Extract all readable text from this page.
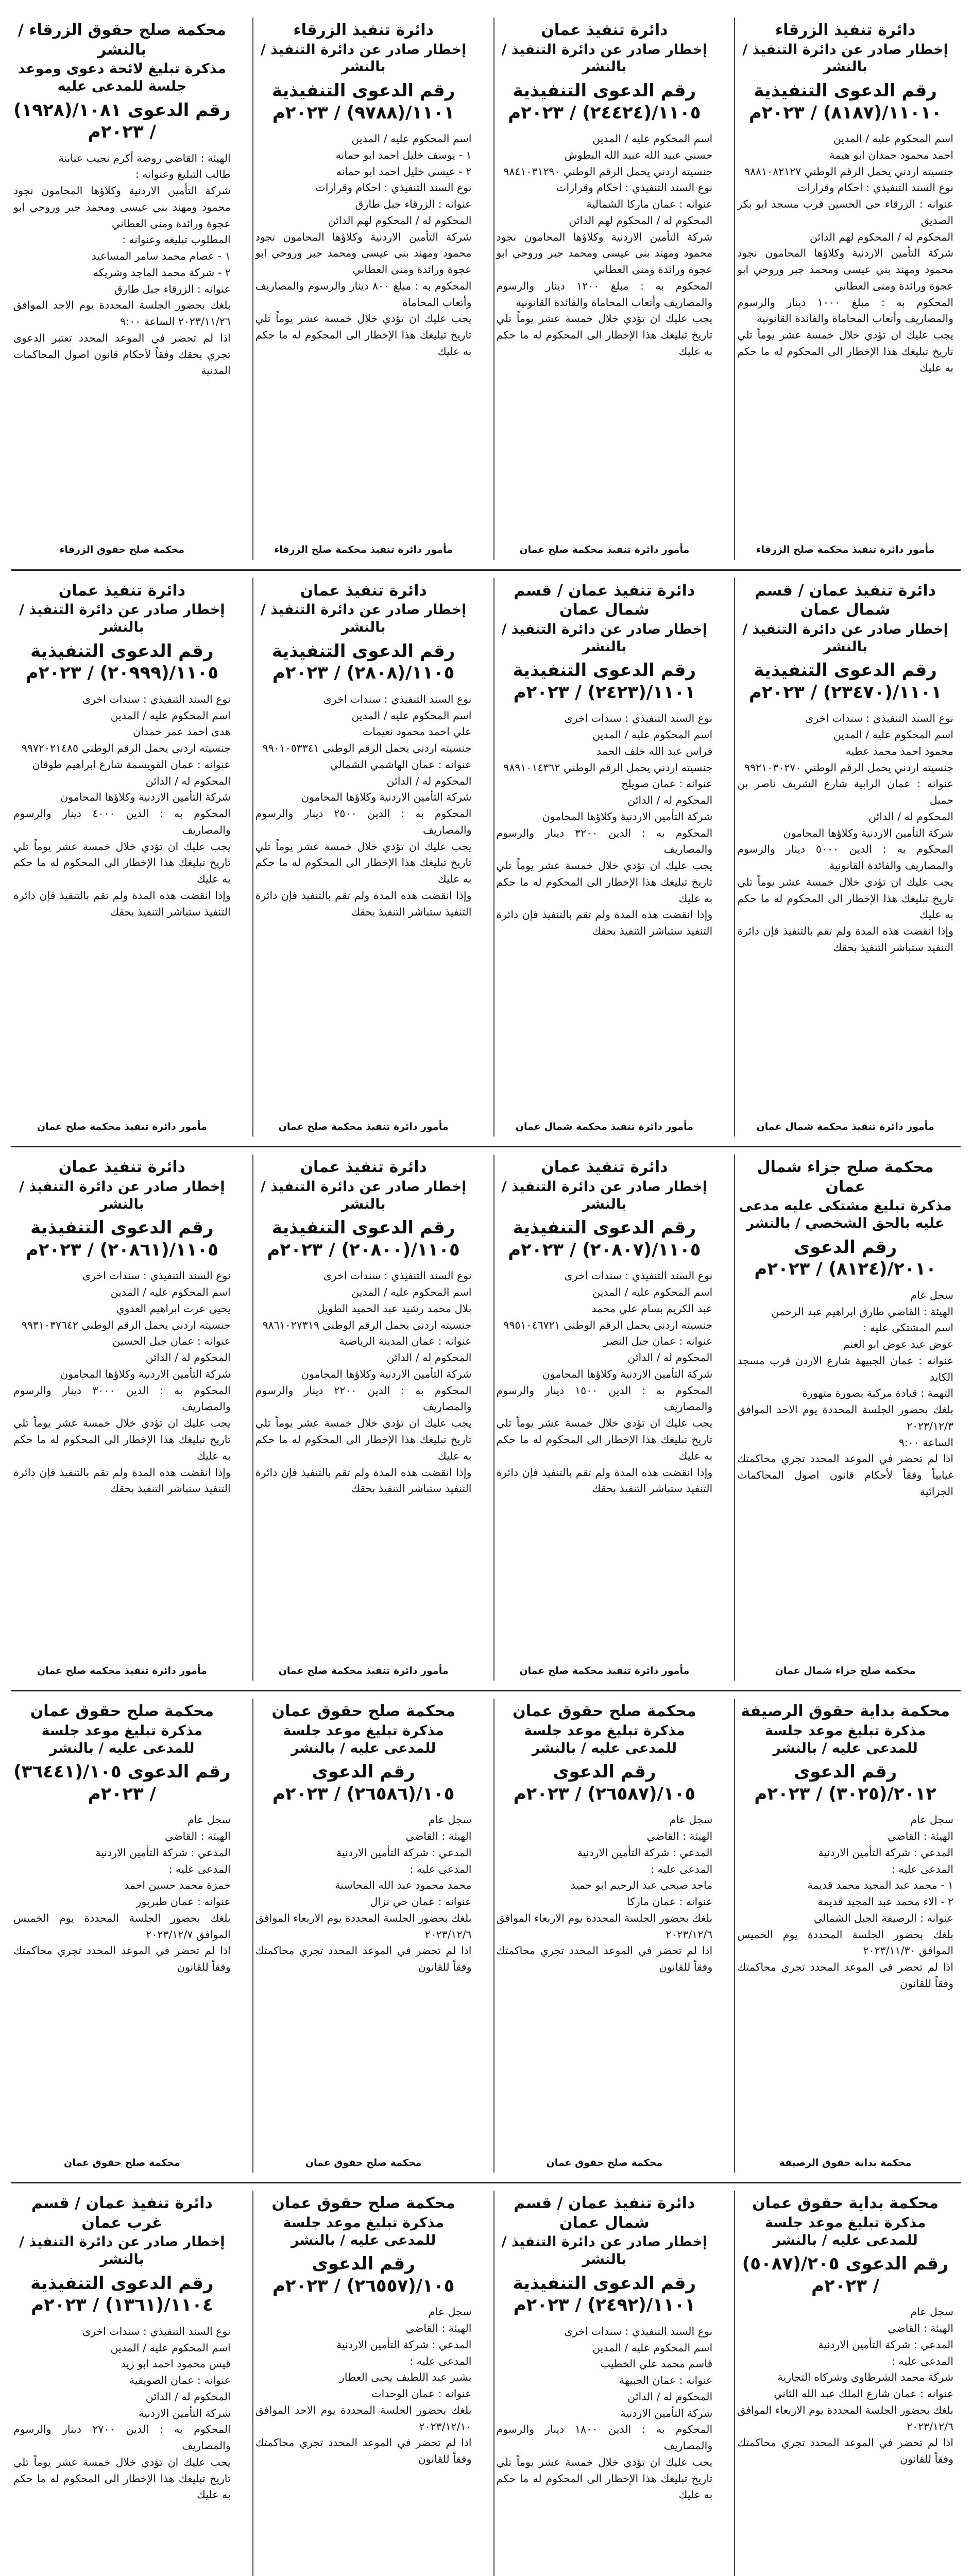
دائرة تنفيذ الزرقاء
إخطار صادر عن دائرة التنفيذ / بالنشر
رقم الدعوى التنفيذية ١١٠١٠/(٨١٨٧) / ٢٠٢٣م
اسم المحكوم عليه / المدين
احمد محمود حمدان ابو هيمة
جنسيته اردني يحمل الرقم الوطني ٩٨٨١٠٨٢١٢٧
نوع السند التنفيذي : احكام وقرارات
عنوانه : الزرقاء حي الحسين قرب مسجد ابو بكر الصديق
المحكوم له / المحكوم لهم الدائن
شركة التأمين الاردنية وكلاؤها المحامون نجود محمود ومهند بني عيسى ومحمد جبر وروحي ابو عجوة ورائدة ومنى العطاني
المحكوم به : مبلغ ١٠٠٠ دينار والرسوم والمصاريف وأتعاب المحاماة والفائدة القانونية
يجب عليك ان تؤدي خلال خمسة عشر يوماً تلي تاريخ تبليغك هذا الإخطار الى المحكوم له ما حكم به عليك
مأمور دائرة تنفيذ محكمة صلح الزرقاء
دائرة تنفيذ عمان
إخطار صادر عن دائرة التنفيذ / بالنشر
رقم الدعوى التنفيذية ١١٠٥/(٢٤٤٢٤) / ٢٠٢٣م
اسم المحكوم عليه / المدين
حسني عبيد الله عبيد الله البطوش
جنسيته اردني يحمل الرقم الوطني ٩٨٤١٠٣١٢٩٠
نوع السند التنفيذي : احكام وقرارات
عنوانه : عمان ماركا الشمالية
المحكوم له / المحكوم لهم الدائن
شركة التأمين الاردنية وكلاؤها المحامون نجود محمود ومهند بني عيسى ومحمد جبر وروحي ابو عجوة ورائدة ومنى العطاني
المحكوم به : مبلغ ١٢٠٠ دينار والرسوم والمصاريف وأتعاب المحاماة والفائدة القانونية
يجب عليك ان تؤدي خلال خمسة عشر يوماً تلي تاريخ تبليغك هذا الإخطار الى المحكوم له ما حكم به عليك
مأمور دائرة تنفيذ محكمة صلح عمان
دائرة تنفيذ الزرقاء
إخطار صادر عن دائرة التنفيذ / بالنشر
رقم الدعوى التنفيذية ١١٠١/(٩٧٨٨) / ٢٠٢٣م
اسم المحكوم عليه / المدين
١ - يوسف خليل احمد ابو حمانه
٢ - عيسى خليل احمد ابو حمانه
نوع السند التنفيذي : احكام وقرارات
عنوانه : الزرقاء جبل طارق
المحكوم له / المحكوم لهم الدائن
شركة التأمين الاردنية وكلاؤها المحامون نجود محمود ومهند بني عيسى ومحمد جبر وروحي ابو عجوة ورائدة ومنى العطاني
المحكوم به : مبلغ ٨٠٠ دينار والرسوم والمصاريف وأتعاب المحاماة
يجب عليك ان تؤدي خلال خمسة عشر يوماً تلي تاريخ تبليغك هذا الإخطار الى المحكوم له ما حكم به عليك
مأمور دائرة تنفيذ محكمة صلح الزرقاء
محكمة صلح حقوق الزرقاء / بالنشر
مذكرة تبليغ لائحة دعوى وموعد جلسة للمدعى عليه
رقم الدعوى ١٠٨١/(١٩٢٨) / ٢٠٢٣م
الهيئة : القاضي روضة أكرم نجيب عبابنة
طالب التبليغ وعنوانه :
شركة التأمين الاردنية وكلاؤها المحامون نجود محمود ومهند بني عيسى ومحمد جبر وروحي ابو عجوة ورائدة ومنى العطاني
المطلوب تبليغه وعنوانه :
١ - عصام محمد سامر المساعيد
٢ - شركة محمد الماجد وشريكه
عنوانه : الزرقاء جبل طارق
بلغك بحضور الجلسة المحددة يوم الاحد الموافق ٢٠٢٣/١١/٢٦ الساعة ٩:٠٠
اذا لم تحضر في الموعد المحدد تعتبر الدعوى تجري بحقك وفقاً لأحكام قانون اصول المحاكمات المدنية
محكمة صلح حقوق الزرقاء
دائرة تنفيذ عمان / قسم شمال عمان
إخطار صادر عن دائرة التنفيذ / بالنشر
رقم الدعوى التنفيذية ١١٠١/(٢٣٤٧٠) / ٢٠٢٣م
نوع السند التنفيذي : سندات اخرى
اسم المحكوم عليه / المدين
محمود احمد محمد عطيه
جنسيته اردني يحمل الرقم الوطني ٩٩٢١٠٣٠٢٧٠
عنوانه : عمان الرابية شارع الشريف ناصر بن جميل
المحكوم له / الدائن
شركة التأمين الاردنية وكلاؤها المحامون
المحكوم به : الدين ٥٠٠٠ دينار والرسوم والمصاريف والفائدة القانونية
يجب عليك ان تؤدي خلال خمسة عشر يوماً تلي تاريخ تبليغك هذا الإخطار الى المحكوم له ما حكم به عليك
وإذا انقضت هذه المدة ولم تقم بالتنفيذ فإن دائرة التنفيذ ستباشر التنفيذ بحقك
مأمور دائرة تنفيذ محكمة شمال عمان
دائرة تنفيذ عمان / قسم شمال عمان
إخطار صادر عن دائرة التنفيذ / بالنشر
رقم الدعوى التنفيذية ١١٠١/(٢٤٢٣) / ٢٠٢٣م
نوع السند التنفيذي : سندات اخرى
اسم المحكوم عليه / المدين
فراس عبد الله خلف الحمد
جنسيته اردني يحمل الرقم الوطني ٩٨٩١٠١٤٣٦٢
عنوانه : عمان صويلح
المحكوم له / الدائن
شركة التأمين الاردنية وكلاؤها المحامون
المحكوم به : الدين ٣٢٠٠ دينار والرسوم والمصاريف
يجب عليك ان تؤدي خلال خمسة عشر يوماً تلي تاريخ تبليغك هذا الإخطار الى المحكوم له ما حكم به عليك
وإذا انقضت هذه المدة ولم تقم بالتنفيذ فإن دائرة التنفيذ ستباشر التنفيذ بحقك
مأمور دائرة تنفيذ محكمة شمال عمان
دائرة تنفيذ عمان
إخطار صادر عن دائرة التنفيذ / بالنشر
رقم الدعوى التنفيذية ١١٠٥/(٢٨٠٨) / ٢٠٢٣م
نوع السند التنفيذي : سندات اخرى
اسم المحكوم عليه / المدين
علي احمد محمود نعيمات
جنسيته اردني يحمل الرقم الوطني ٩٩٠١٠٥٣٣٤١
عنوانه : عمان الهاشمي الشمالي
المحكوم له / الدائن
شركة التأمين الاردنية وكلاؤها المحامون
المحكوم به : الدين ٢٥٠٠ دينار والرسوم والمصاريف
يجب عليك ان تؤدي خلال خمسة عشر يوماً تلي تاريخ تبليغك هذا الإخطار الى المحكوم له ما حكم به عليك
وإذا انقضت هذه المدة ولم تقم بالتنفيذ فإن دائرة التنفيذ ستباشر التنفيذ بحقك
مأمور دائرة تنفيذ محكمة صلح عمان
دائرة تنفيذ عمان
إخطار صادر عن دائرة التنفيذ / بالنشر
رقم الدعوى التنفيذية ١١٠٥/(٢٠٩٩٩) / ٢٠٢٣م
نوع السند التنفيذي : سندات اخرى
اسم المحكوم عليه / المدين
هدى احمد عمر حمدان
جنسيته اردني يحمل الرقم الوطني ٩٩٧٢٠٢١٤٨٥
عنوانه : عمان القويسمة شارع ابراهيم طوقان
المحكوم له / الدائن
شركة التأمين الاردنية وكلاؤها المحامون
المحكوم به : الدين ٤٠٠٠ دينار والرسوم والمصاريف
يجب عليك ان تؤدي خلال خمسة عشر يوماً تلي تاريخ تبليغك هذا الإخطار الى المحكوم له ما حكم به عليك
وإذا انقضت هذه المدة ولم تقم بالتنفيذ فإن دائرة التنفيذ ستباشر التنفيذ بحقك
مأمور دائرة تنفيذ محكمة صلح عمان
محكمة صلح جزاء شمال عمان
مذكرة تبليغ مشتكى عليه مدعى عليه بالحق الشخصي / بالنشر
رقم الدعوى ٢٠١٠/(٨١٢٤) / ٢٠٢٣م
سجل عام
الهيئة : القاضي طارق ابراهيم عبد الرحمن
اسم المشتكى عليه :
عوض عيد عوض ابو الغنم
عنوانه : عمان الجبيهة شارع الاردن قرب مسجد الكايد
التهمة : قيادة مركبة بصورة متهورة
بلغك بحضور الجلسة المحددة يوم الاحد الموافق ٢٠٢٣/١٢/٣
الساعة ٩:٠٠
اذا لم تحضر في الموعد المحدد تجري محاكمتك غيابياً وفقاً لأحكام قانون اصول المحاكمات الجزائية
محكمة صلح جزاء شمال عمان
دائرة تنفيذ عمان
إخطار صادر عن دائرة التنفيذ / بالنشر
رقم الدعوى التنفيذية ١١٠٥/(٢٠٨٠٧) / ٢٠٢٣م
نوع السند التنفيذي : سندات اخرى
اسم المحكوم عليه / المدين
عبد الكريم بسام علي محمد
جنسيته اردني يحمل الرقم الوطني ٩٩٥١٠٤٦٧٢١
عنوانه : عمان جبل النصر
المحكوم له / الدائن
شركة التأمين الاردنية وكلاؤها المحامون
المحكوم به : الدين ١٥٠٠ دينار والرسوم والمصاريف
يجب عليك ان تؤدي خلال خمسة عشر يوماً تلي تاريخ تبليغك هذا الإخطار الى المحكوم له ما حكم به عليك
وإذا انقضت هذه المدة ولم تقم بالتنفيذ فإن دائرة التنفيذ ستباشر التنفيذ بحقك
مأمور دائرة تنفيذ محكمة صلح عمان
دائرة تنفيذ عمان
إخطار صادر عن دائرة التنفيذ / بالنشر
رقم الدعوى التنفيذية ١١٠٥/(٢٠٨٠٠) / ٢٠٢٣م
نوع السند التنفيذي : سندات اخرى
اسم المحكوم عليه / المدين
بلال محمد رشيد عبد الحميد الطويل
جنسيته اردني يحمل الرقم الوطني ٩٨٦١٠٢٧٣١٩
عنوانه : عمان المدينة الرياضية
المحكوم له / الدائن
شركة التأمين الاردنية وكلاؤها المحامون
المحكوم به : الدين ٢٢٠٠ دينار والرسوم والمصاريف
يجب عليك ان تؤدي خلال خمسة عشر يوماً تلي تاريخ تبليغك هذا الإخطار الى المحكوم له ما حكم به عليك
وإذا انقضت هذه المدة ولم تقم بالتنفيذ فإن دائرة التنفيذ ستباشر التنفيذ بحقك
مأمور دائرة تنفيذ محكمة صلح عمان
دائرة تنفيذ عمان
إخطار صادر عن دائرة التنفيذ / بالنشر
رقم الدعوى التنفيذية ١١٠٥/(٢٠٨٦١) / ٢٠٢٣م
نوع السند التنفيذي : سندات اخرى
اسم المحكوم عليه / المدين
يحيى عزت ابراهيم العدوي
جنسيته اردني يحمل الرقم الوطني ٩٩٣١٠٣٧٦٤٢
عنوانه : عمان جبل الحسين
المحكوم له / الدائن
شركة التأمين الاردنية وكلاؤها المحامون
المحكوم به : الدين ٣٠٠٠ دينار والرسوم والمصاريف
يجب عليك ان تؤدي خلال خمسة عشر يوماً تلي تاريخ تبليغك هذا الإخطار الى المحكوم له ما حكم به عليك
وإذا انقضت هذه المدة ولم تقم بالتنفيذ فإن دائرة التنفيذ ستباشر التنفيذ بحقك
مأمور دائرة تنفيذ محكمة صلح عمان
محكمة بداية حقوق الرصيفة
مذكرة تبليغ موعد جلسة للمدعى عليه / بالنشر
رقم الدعوى ٢٠١٢/(٣٠٢٥) / ٢٠٢٣م
سجل عام
الهيئة : القاضي
المدعي : شركة التأمين الاردنية
المدعى عليه :
١ - محمد عبد المجيد محمد قديمة
٢ - الاء محمد عبد المجيد قديمة
عنوانه : الرصيفة الجبل الشمالي
بلغك بحضور الجلسة المحددة يوم الخميس الموافق ٢٠٢٣/١١/٣٠
اذا لم تحضر في الموعد المحدد تجري محاكمتك وفقاً للقانون
محكمة بداية حقوق الرصيفة
محكمة صلح حقوق عمان
مذكرة تبليغ موعد جلسة للمدعى عليه / بالنشر
رقم الدعوى ١٠٥/(٢٦٥٨٧) / ٢٠٢٣م
سجل عام
الهيئة : القاضي
المدعي : شركة التأمين الاردنية
المدعى عليه :
ماجد صبحي عبد الرحيم ابو حميد
عنوانه : عمان ماركا
بلغك بحضور الجلسة المحددة يوم الاربعاء الموافق ٢٠٢٣/١٢/٦
اذا لم تحضر في الموعد المحدد تجري محاكمتك وفقاً للقانون
محكمة صلح حقوق عمان
محكمة صلح حقوق عمان
مذكرة تبليغ موعد جلسة للمدعى عليه / بالنشر
رقم الدعوى ١٠٥/(٢٦٥٨٦) / ٢٠٢٣م
سجل عام
الهيئة : القاضي
المدعي : شركة التأمين الاردنية
المدعى عليه :
محمد محمود عبد الله المحاسنة
عنوانه : عمان حي نزال
بلغك بحضور الجلسة المحددة يوم الاربعاء الموافق ٢٠٢٣/١٢/٦
اذا لم تحضر في الموعد المحدد تجري محاكمتك وفقاً للقانون
محكمة صلح حقوق عمان
محكمة صلح حقوق عمان
مذكرة تبليغ موعد جلسة للمدعى عليه / بالنشر
رقم الدعوى ١٠٥/(٣٦٤٤١) / ٢٠٢٣م
سجل عام
الهيئة : القاضي
المدعي : شركة التأمين الاردنية
المدعى عليه :
حمزة محمد حسين احمد
عنوانه : عمان طبربور
بلغك بحضور الجلسة المحددة يوم الخميس الموافق ٢٠٢٣/١٢/٧
اذا لم تحضر في الموعد المحدد تجري محاكمتك وفقاً للقانون
محكمة صلح حقوق عمان
محكمة بداية حقوق عمان
مذكرة تبليغ موعد جلسة للمدعى عليه / بالنشر
رقم الدعوى ٢٠٥/(٥٠٨٧) / ٢٠٢٣م
سجل عام
الهيئة : القاضي
المدعي : شركة التأمين الاردنية
المدعى عليه :
شركة محمد الشرطاوي وشركاه التجارية
عنوانه : عمان شارع الملك عبد الله الثاني
بلغك بحضور الجلسة المحددة يوم الاربعاء الموافق ٢٠٢٣/١٢/٦
اذا لم تحضر في الموعد المحدد تجري محاكمتك وفقاً للقانون
دائرة تنفيذ عمان / قسم شمال عمان
إخطار صادر عن دائرة التنفيذ / بالنشر
رقم الدعوى التنفيذية ١١٠١/(٢٤٩٢) / ٢٠٢٣م
نوع السند التنفيذي : سندات اخرى
اسم المحكوم عليه / المدين
قاسم محمد علي الخطيب
عنوانه : عمان الجبيهة
المحكوم له / الدائن
شركة التأمين الاردنية
المحكوم به : الدين ١٨٠٠ دينار والرسوم والمصاريف
يجب عليك ان تؤدي خلال خمسة عشر يوماً تلي تاريخ تبليغك هذا الإخطار الى المحكوم له ما حكم به عليك
محكمة صلح حقوق عمان
مذكرة تبليغ موعد جلسة للمدعى عليه / بالنشر
رقم الدعوى ١٠٥/(٢٦٥٥٧) / ٢٠٢٣م
سجل عام
الهيئة : القاضي
المدعي : شركة التأمين الاردنية
المدعى عليه :
بشير عبد اللطيف يحيى العطار
عنوانه : عمان الوحدات
بلغك بحضور الجلسة المحددة يوم الاحد الموافق ٢٠٢٣/١٢/١٠
اذا لم تحضر في الموعد المحدد تجري محاكمتك وفقاً للقانون
دائرة تنفيذ عمان / قسم غرب عمان
إخطار صادر عن دائرة التنفيذ / بالنشر
رقم الدعوى التنفيذية ١١٠٤/(١٣٦١) / ٢٠٢٣م
نوع السند التنفيذي : سندات اخرى
اسم المحكوم عليه / المدين
قيس محمود احمد ابو زيد
عنوانه : عمان الصويفية
المحكوم له / الدائن
شركة التأمين الاردنية
المحكوم به : الدين ٢٧٠٠ دينار والرسوم والمصاريف
يجب عليك ان تؤدي خلال خمسة عشر يوماً تلي تاريخ تبليغك هذا الإخطار الى المحكوم له ما حكم به عليك
